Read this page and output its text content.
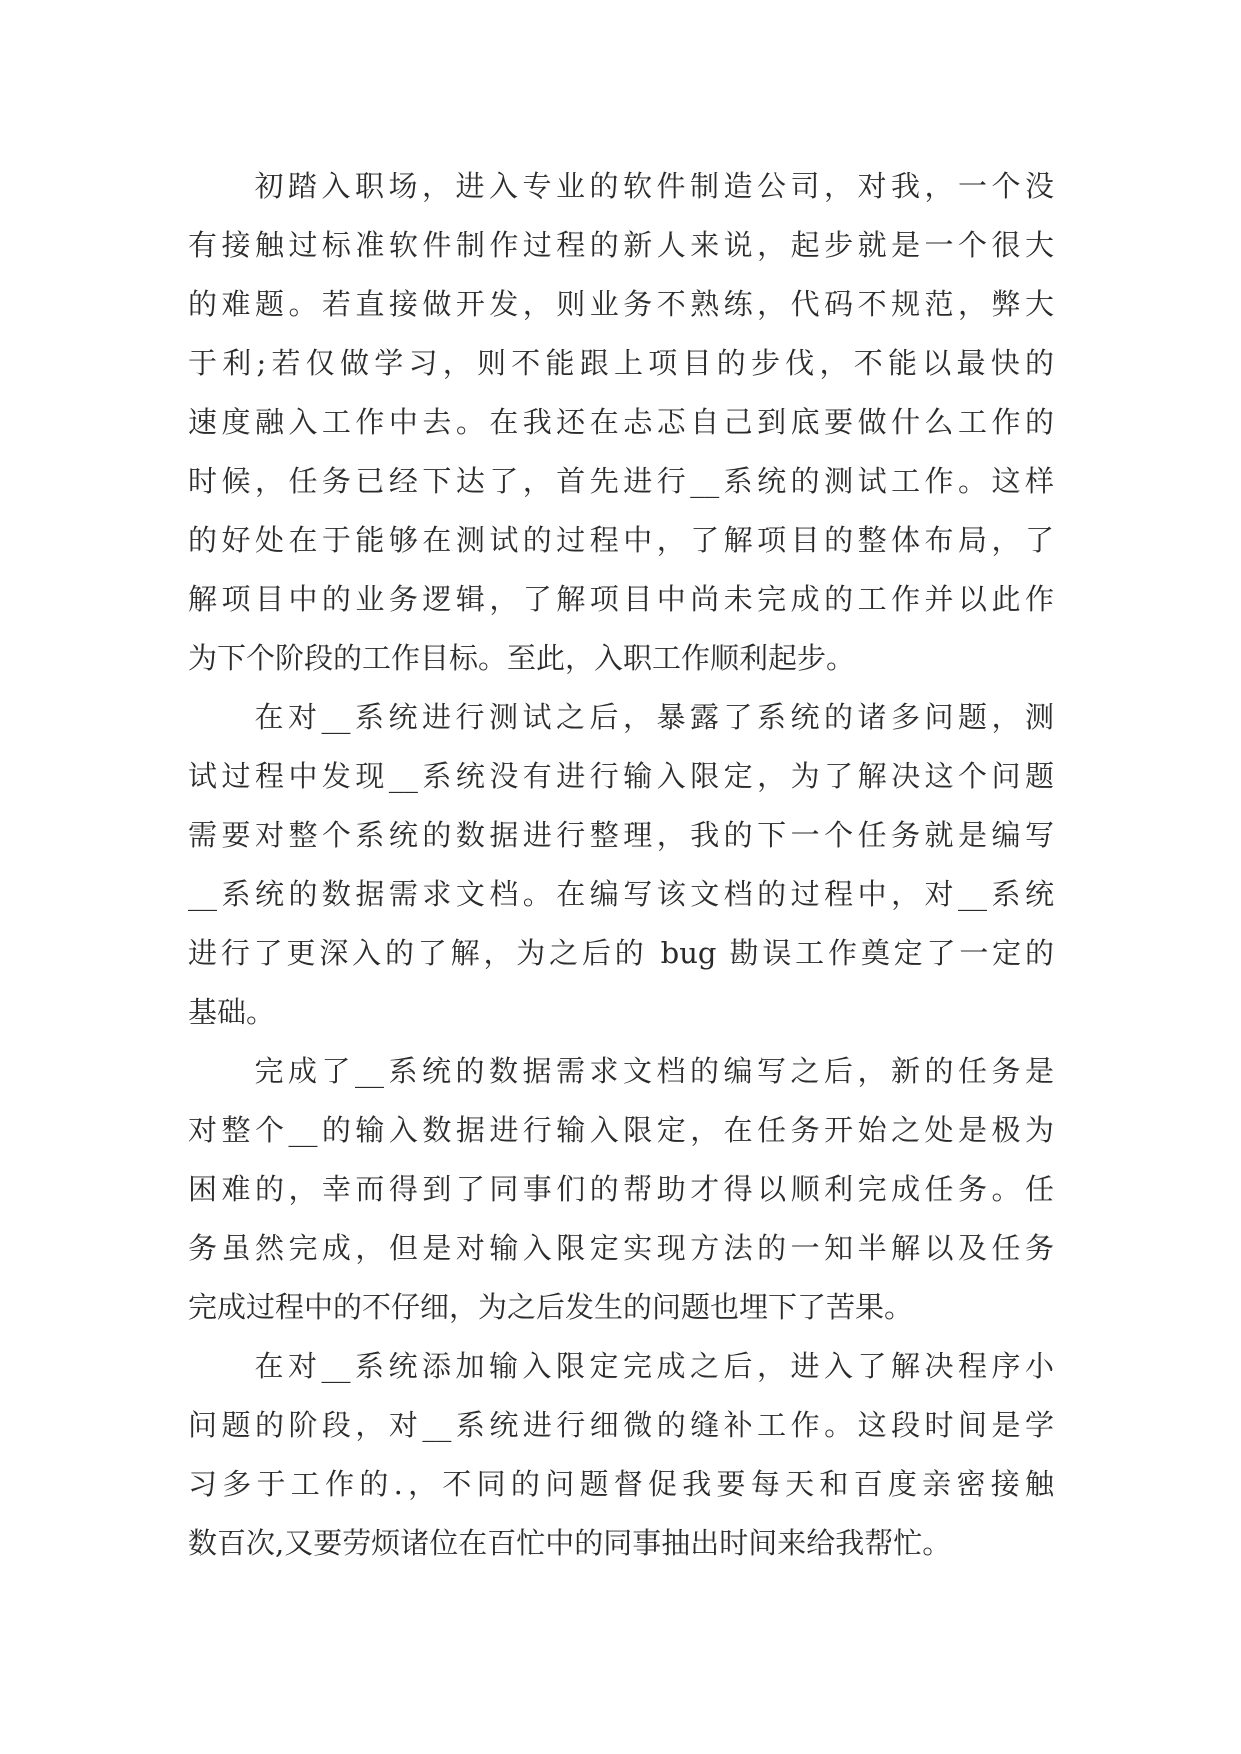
初踏入职场，进入专业的软件制造公司，对我，一个没
有接触过标准软件制作过程的新人来说，起步就是一个很大
的难题。若直接做开发，则业务不熟练，代码不规范，弊大
于利;若仅做学习，则不能跟上项目的步伐，不能以最快的
速度融入工作中去。在我还在忐忑自己到底要做什么工作的
时候，任务已经下达了，首先进行__系统的测试工作。这样
的好处在于能够在测试的过程中，了解项目的整体布局，了
解项目中的业务逻辑，了解项目中尚未完成的工作并以此作
为下个阶段的工作目标。至此，入职工作顺利起步。
在对__系统进行测试之后，暴露了系统的诸多问题，测
试过程中发现__系统没有进行输入限定，为了解决这个问题
需要对整个系统的数据进行整理，我的下一个任务就是编写
__系统的数据需求文档。在编写该文档的过程中，对__系统
进行了更深入的了解，为之后的 bug 勘误工作奠定了一定的
基础。
完成了__系统的数据需求文档的编写之后，新的任务是
对整个__的输入数据进行输入限定，在任务开始之处是极为
困难的，幸而得到了同事们的帮助才得以顺利完成任务。任
务虽然完成，但是对输入限定实现方法的一知半解以及任务
完成过程中的不仔细，为之后发生的问题也埋下了苦果。
在对__系统添加输入限定完成之后，进入了解决程序小
问题的阶段，对__系统进行细微的缝补工作。这段时间是学
习多于工作的.，不同的问题督促我要每天和百度亲密接触
数百次,又要劳烦诸位在百忙中的同事抽出时间来给我帮忙。
